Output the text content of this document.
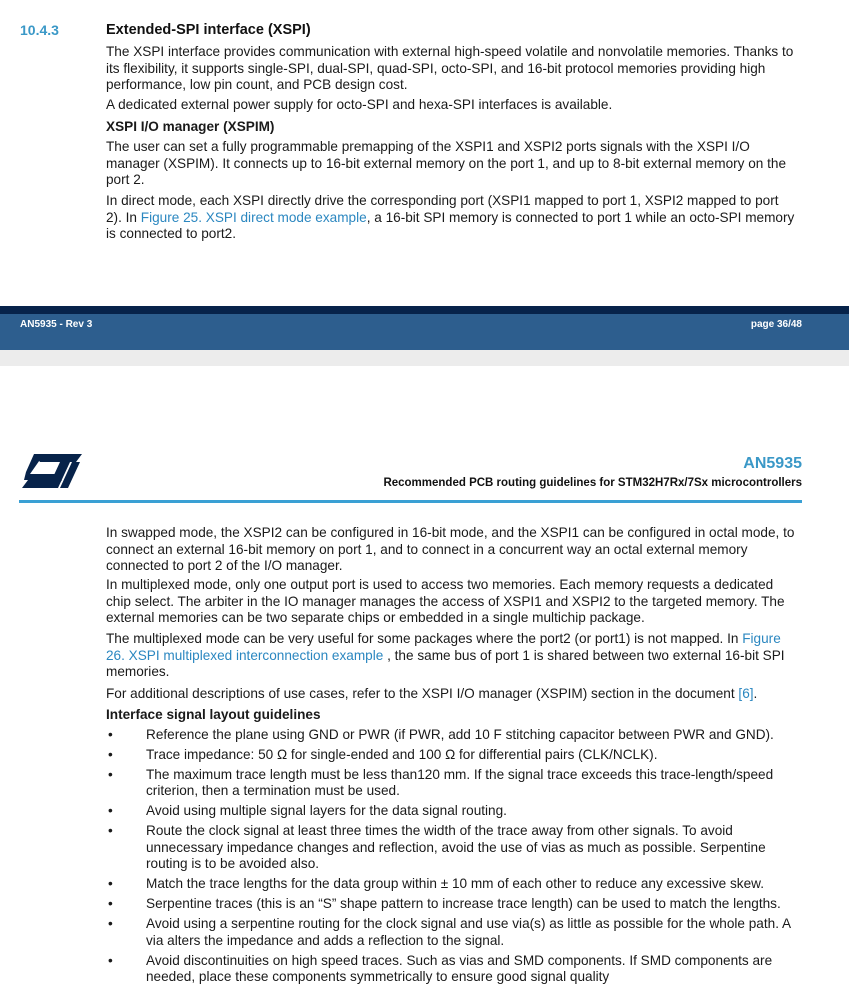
10.4.3	Extended-SPI interface (XSPI)
The XSPI interface provides communication with external high-speed volatile and nonvolatile memories. Thanks to its flexibility, it supports single-SPI, dual-SPI, quad-SPI, octo-SPI, and 16-bit protocol memories providing high performance, low pin count, and PCB design cost.
A dedicated external power supply for octo-SPI and hexa-SPI interfaces is available.
XSPI I/O manager (XSPIM)
The user can set a fully programmable premapping of the XSPI1 and XSPI2 ports signals with the XSPI I/O manager (XSPIM). It connects up to 16-bit external memory on the port 1, and up to 8-bit external memory on the port 2.
In direct mode, each XSPI directly drive the corresponding port (XSPI1 mapped to port 1, XSPI2 mapped to port 2). In Figure 25. XSPI direct mode example, a 16-bit SPI memory is connected to port 1 while an octo-SPI memory is connected to port2.
AN5935 - Rev 3	page 36/48
AN5935
Recommended PCB routing guidelines for STM32H7Rx/7Sx microcontrollers
In swapped mode, the XSPI2 can be configured in 16-bit mode, and the XSPI1 can be configured in octal mode, to connect an external 16-bit memory on port 1, and to connect in a concurrent way an octal external memory connected to port 2 of the I/O manager.
In multiplexed mode, only one output port is used to access two memories. Each memory requests a dedicated chip select. The arbiter in the IO manager manages the access of XSPI1 and XSPI2 to the targeted memory. The external memories can be two separate chips or embedded in a single multichip package.
The multiplexed mode can be very useful for some packages where the port2 (or port1) is not mapped. In Figure 26. XSPI multiplexed interconnection example , the same bus of port 1 is shared between two external 16-bit SPI memories.
For additional descriptions of use cases, refer to the XSPI I/O manager (XSPIM) section in the document [6].
Interface signal layout guidelines
• Reference the plane using GND or PWR (if PWR, add 10 F stitching capacitor between PWR and GND).
• Trace impedance: 50 Ω for single-ended and 100 Ω for differential pairs (CLK/NCLK).
• The maximum trace length must be less than120 mm. If the signal trace exceeds this trace-length/speed criterion, then a termination must be used.
• Avoid using multiple signal layers for the data signal routing.
• Route the clock signal at least three times the width of the trace away from other signals. To avoid unnecessary impedance changes and reflection, avoid the use of vias as much as possible. Serpentine routing is to be avoided also.
• Match the trace lengths for the data group within ± 10 mm of each other to reduce any excessive skew.
• Serpentine traces (this is an “S” shape pattern to increase trace length) can be used to match the lengths.
• Avoid using a serpentine routing for the clock signal and use via(s) as little as possible for the whole path. A via alters the impedance and adds a reflection to the signal.
• Avoid discontinuities on high speed traces. Such as vias and SMD components. If SMD components are needed, place these components symmetrically to ensure good signal quality
